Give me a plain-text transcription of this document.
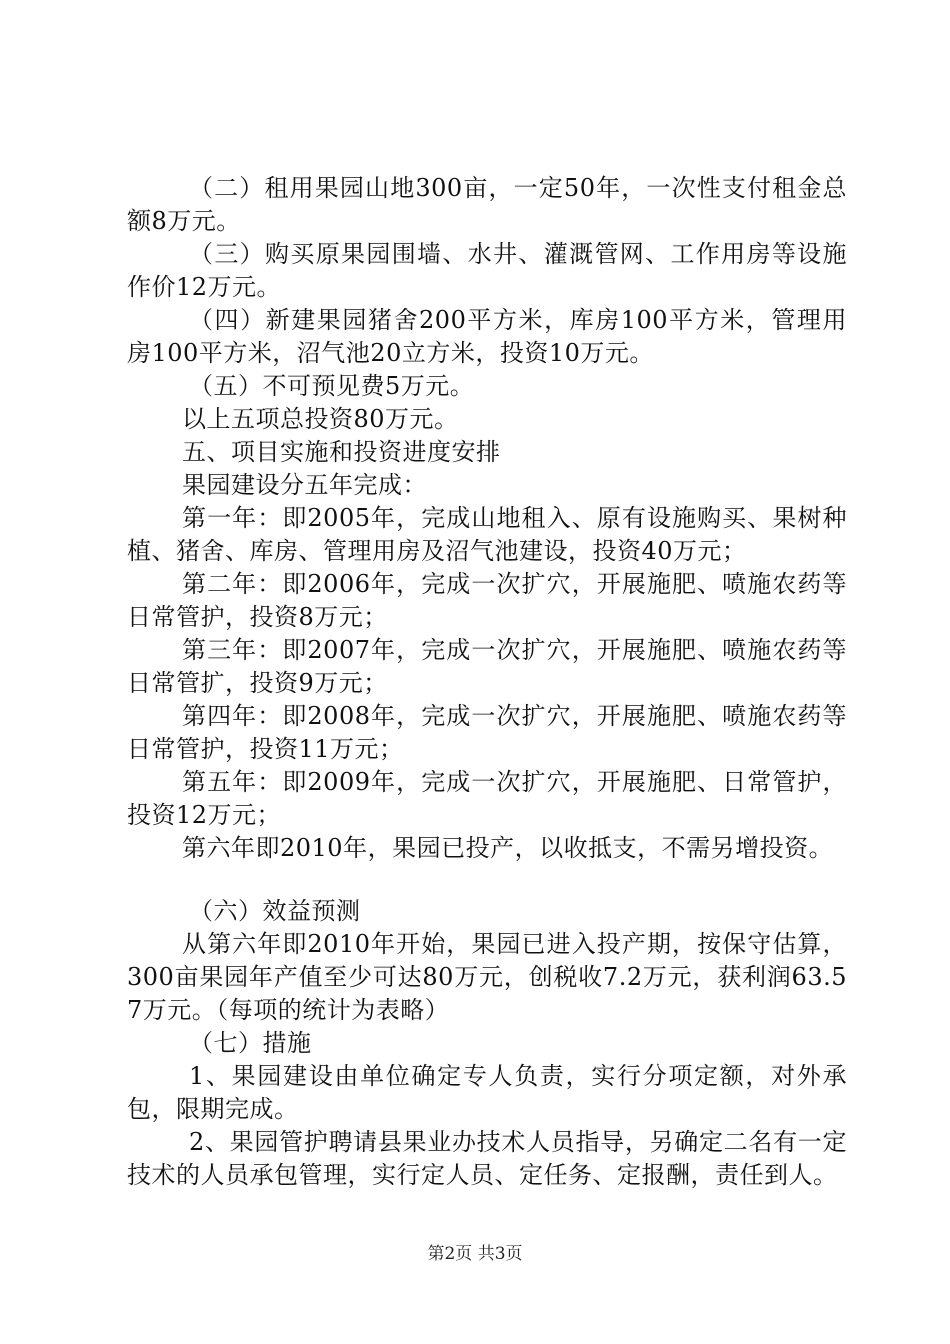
（二）租用果园山地300亩，一定50年，一次性支付租金总额8万元。

（三）购买原果园围墙、水井、灌溉管网、工作用房等设施作价12万元。

（四）新建果园猪舍200平方米，库房100平方米，管理用房100平方米，沼气池20立方米，投资10万元。

（五）不可预见费5万元。

以上五项总投资80万元。

五、项目实施和投资进度安排

果园建设分五年完成：

第一年：即2005年，完成山地租入、原有设施购买、果树种植、猪舍、库房、管理用房及沼气池建设，投资40万元；

第二年：即2006年，完成一次扩穴，开展施肥、喷施农药等日常管护，投资8万元；

第三年：即2007年，完成一次扩穴，开展施肥、喷施农药等日常管扩，投资9万元；

第四年：即2008年，完成一次扩穴，开展施肥、喷施农药等日常管护，投资11万元；

第五年：即2009年，完成一次扩穴，开展施肥、日常管护，投资12万元；

第六年即2010年，果园已投产，以收抵支，不需另增投资。

（六）效益预测

从第六年即2010年开始，果园已进入投产期，按保守估算，300亩果园年产值至少可达80万元，创税收7.2万元，获利润63.57万元。（每项的统计为表略）

（七）措施

1、果园建设由单位确定专人负责，实行分项定额，对外承包，限期完成。

2、果园管护聘请县果业办技术人员指导，另确定二名有一定技术的人员承包管理，实行定人员、定任务、定报酬，责任到人。

第2页 共3页
